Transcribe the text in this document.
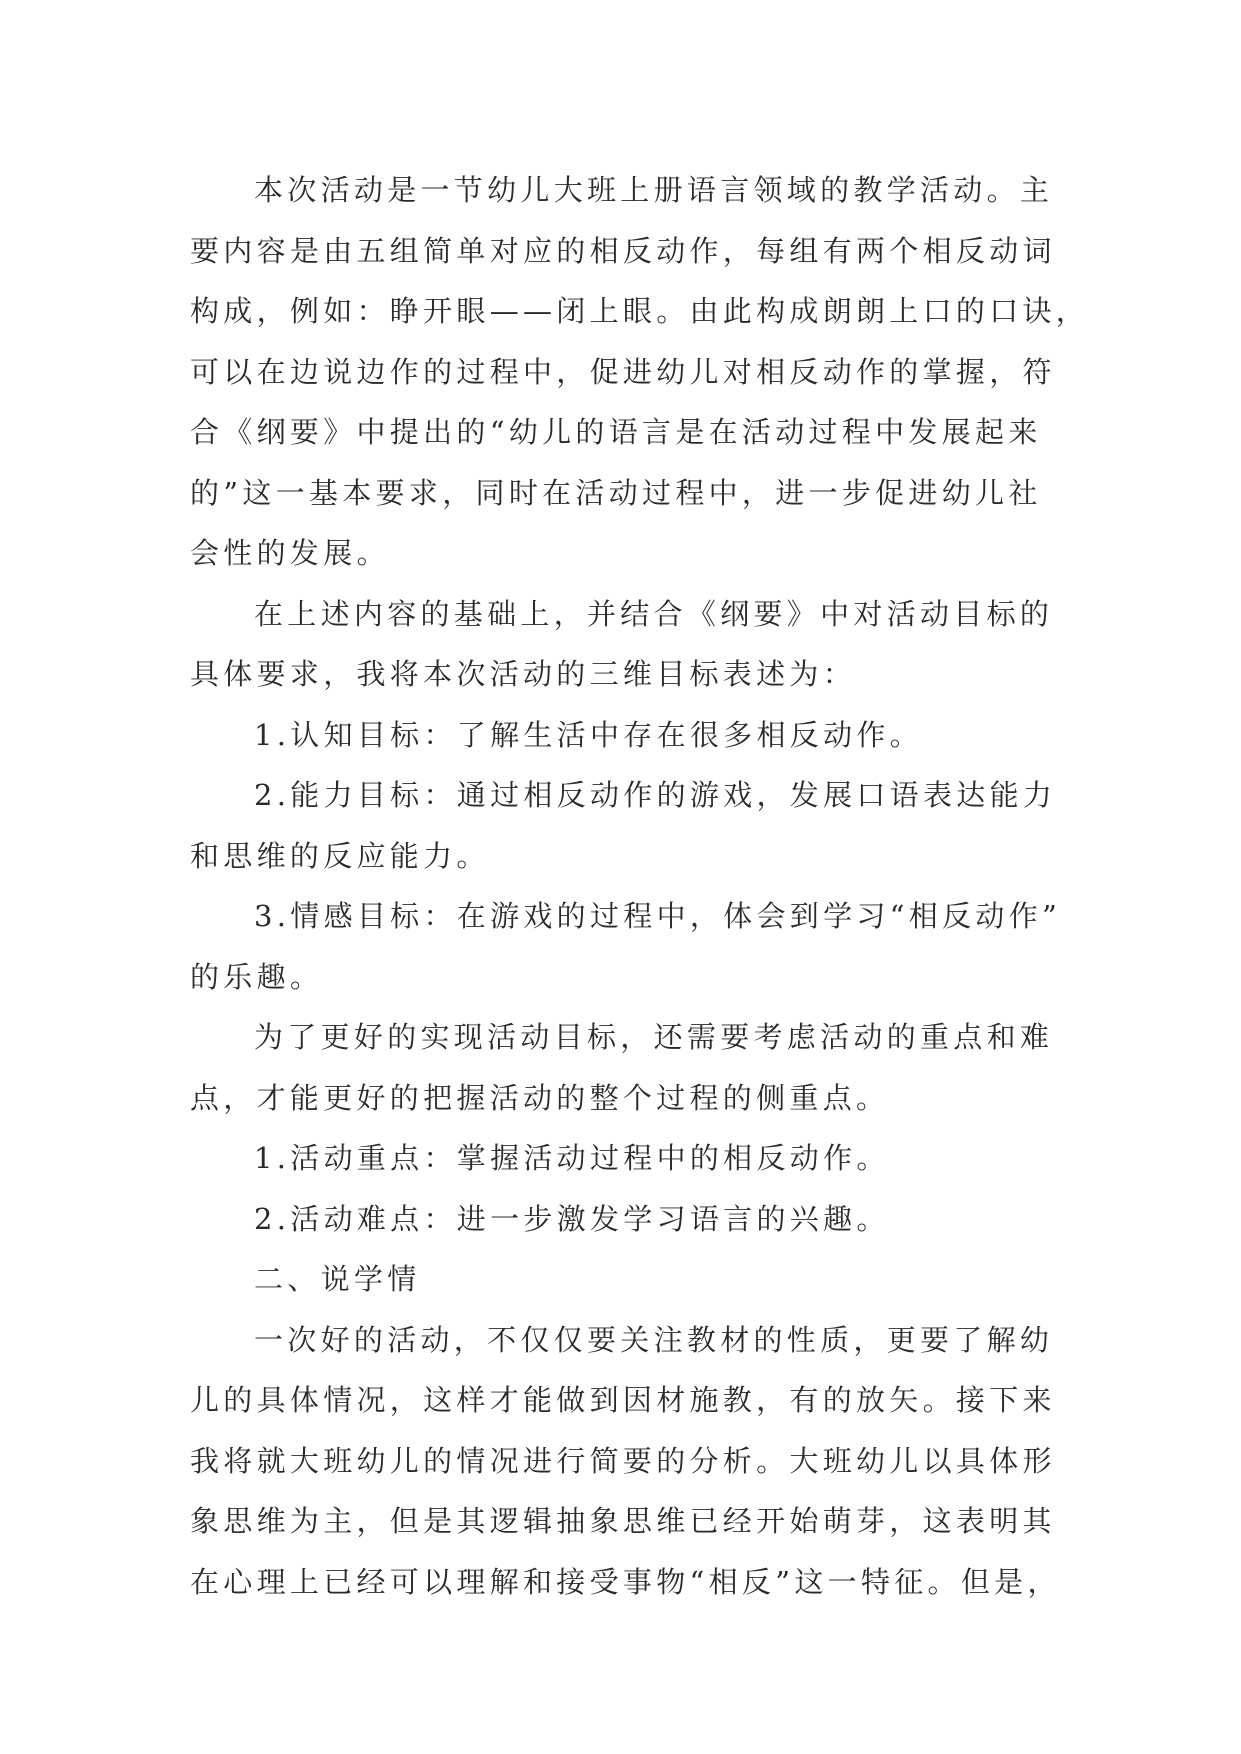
本次活动是一节幼儿大班上册语言领域的教学活动。主
要内容是由五组简单对应的相反动作，每组有两个相反动词
构成，例如：睁开眼——闭上眼。由此构成朗朗上口的口诀，
可以在边说边作的过程中，促进幼儿对相反动作的掌握，符
合《纲要》中提出的“幼儿的语言是在活动过程中发展起来
的”这一基本要求，同时在活动过程中，进一步促进幼儿社
会性的发展。
在上述内容的基础上，并结合《纲要》中对活动目标的
具体要求，我将本次活动的三维目标表述为：
1.认知目标：了解生活中存在很多相反动作。
2.能力目标：通过相反动作的游戏，发展口语表达能力
和思维的反应能力。
3.情感目标：在游戏的过程中，体会到学习“相反动作”
的乐趣。
为了更好的实现活动目标，还需要考虑活动的重点和难
点，才能更好的把握活动的整个过程的侧重点。
1.活动重点：掌握活动过程中的相反动作。
2.活动难点：进一步激发学习语言的兴趣。
二、说学情
一次好的活动，不仅仅要关注教材的性质，更要了解幼
儿的具体情况，这样才能做到因材施教，有的放矢。接下来
我将就大班幼儿的情况进行简要的分析。大班幼儿以具体形
象思维为主，但是其逻辑抽象思维已经开始萌芽，这表明其
在心理上已经可以理解和接受事物“相反”这一特征。但是，
